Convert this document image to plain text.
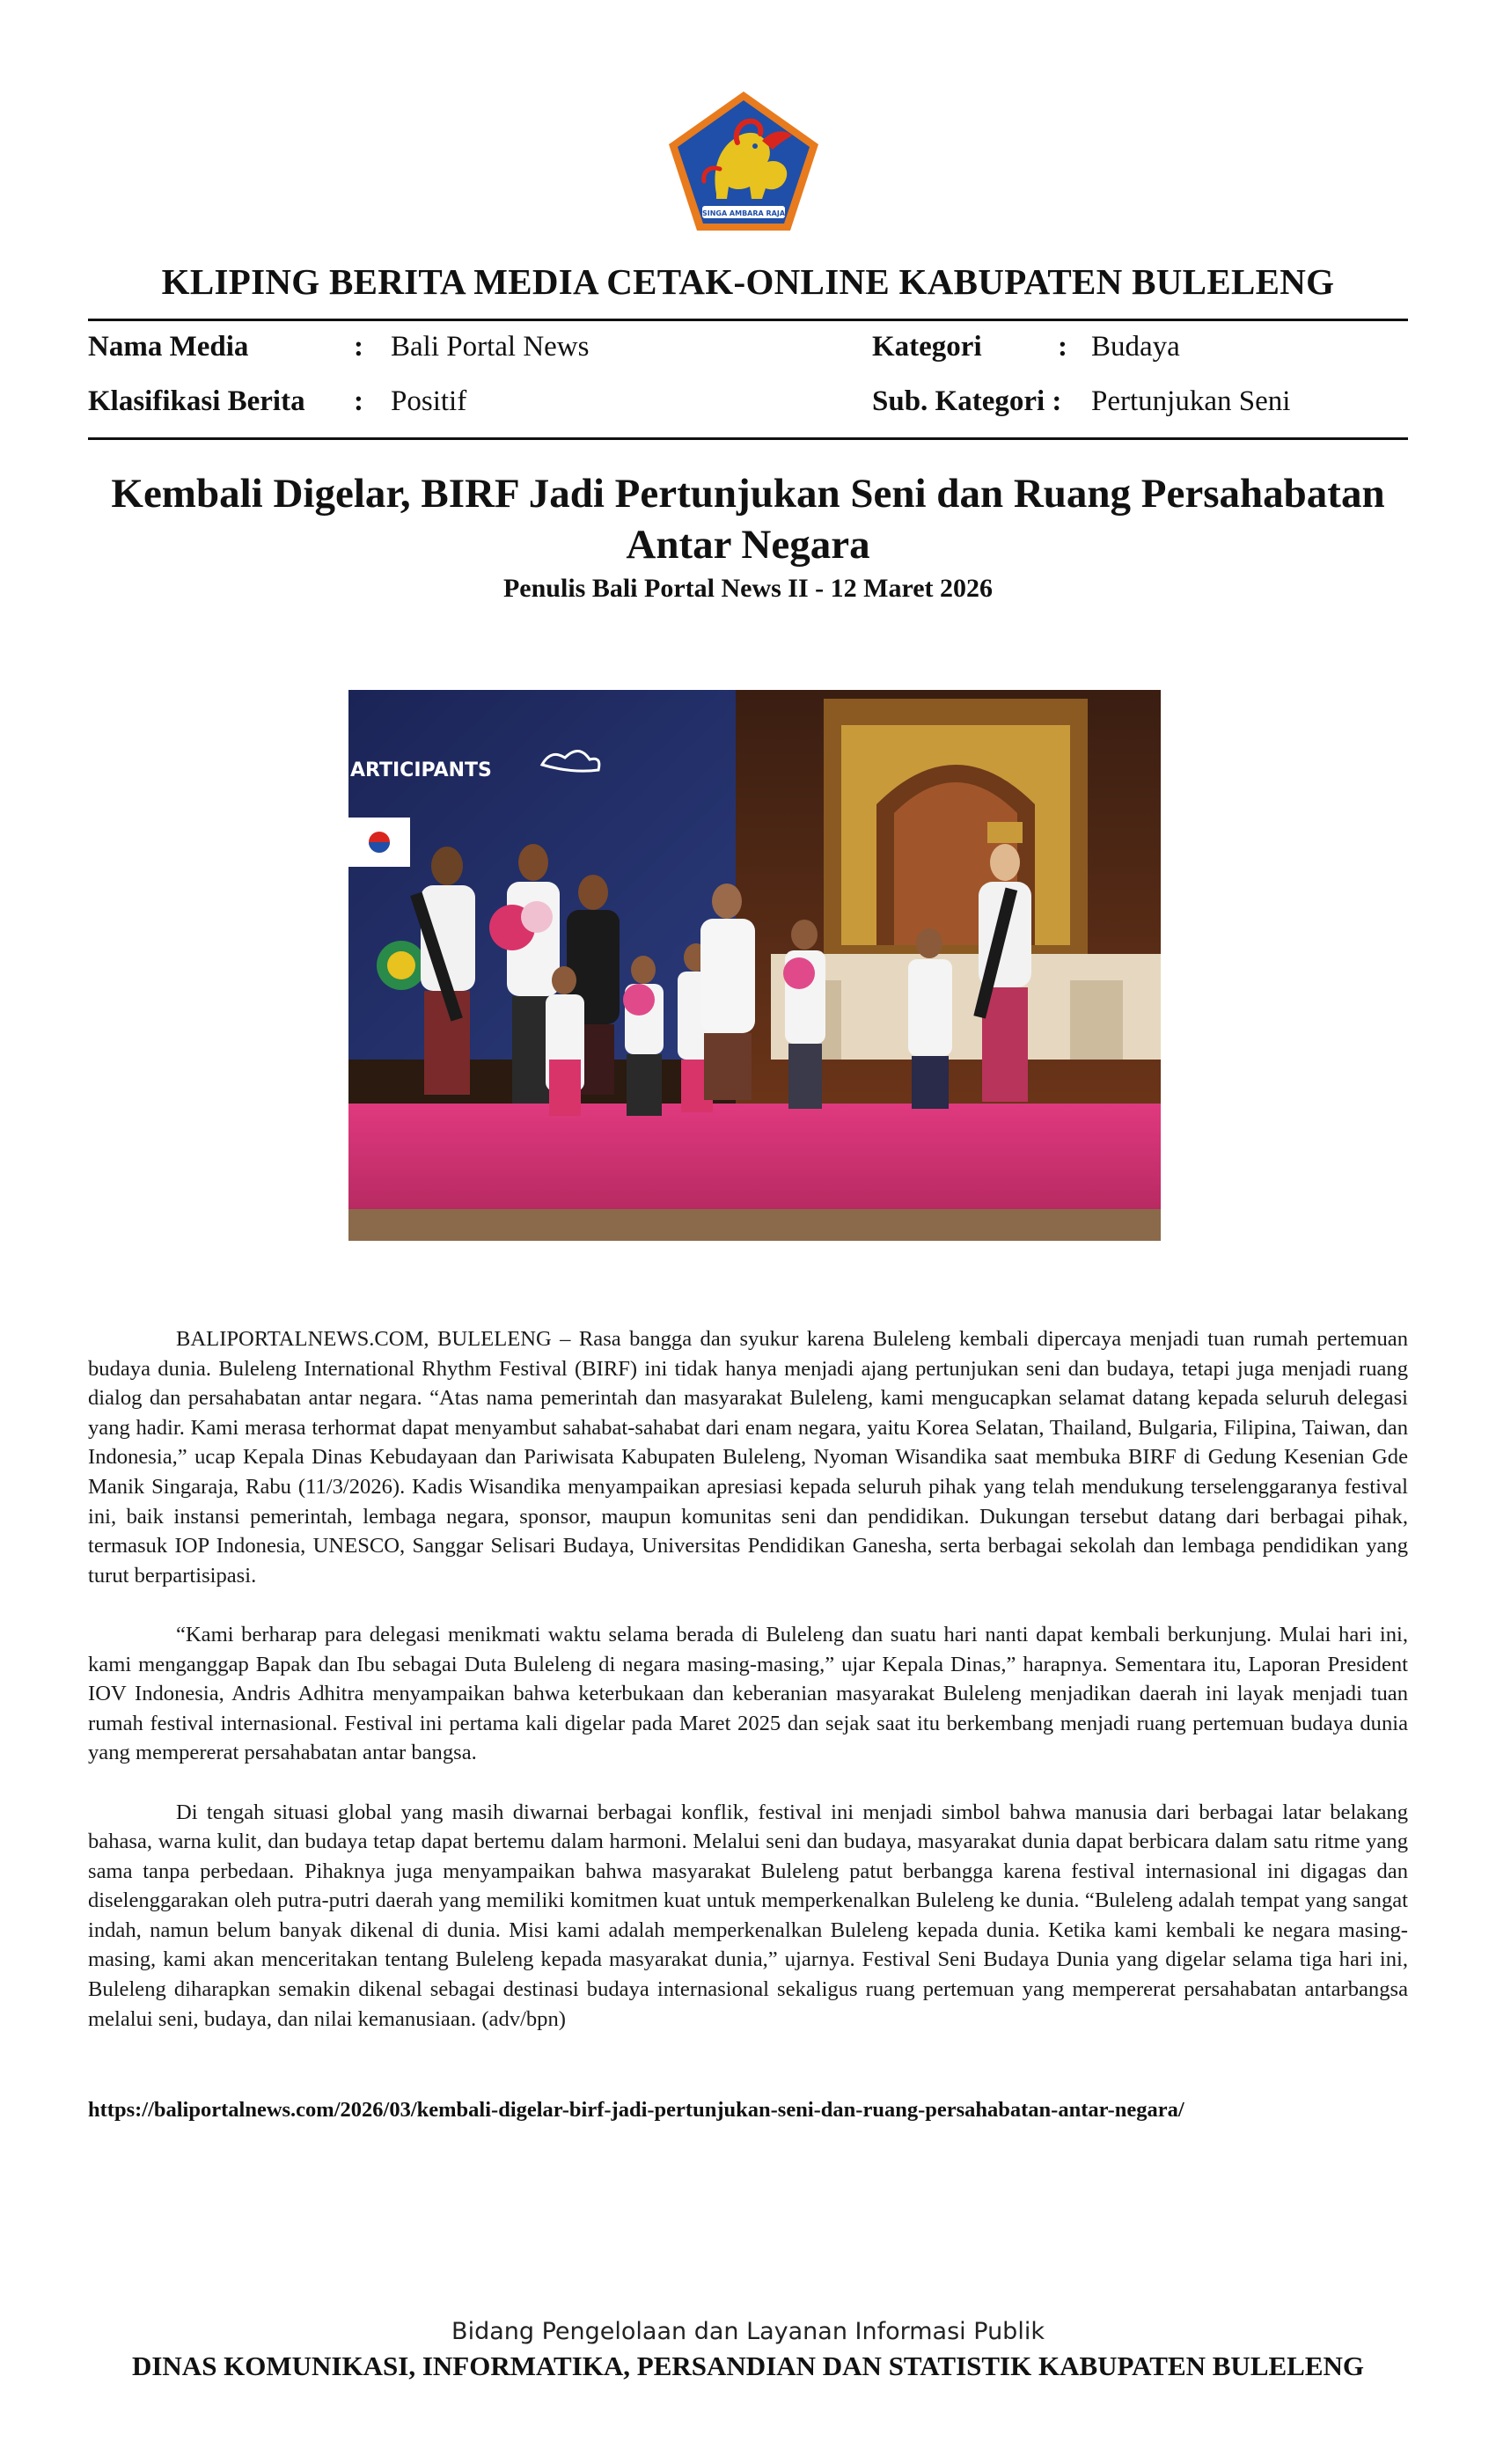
SINGA AMBARA RAJA
KLIPING BERITA MEDIA CETAK-ONLINE KABUPATEN BULELENG
Nama Media	: Bali Portal News	Kategori	: Budaya
Klasifikasi Berita : Positif	Sub. Kategori : Pertunjukan Seni
Kembali Digelar, BIRF Jadi Pertunjukan Seni dan Ruang Persahabatan Antar Negara
Penulis Bali Portal News II - 12 Maret 2026
ARTICIPANTS

BALIPORTALNEWS.COM, BULELENG – Rasa bangga dan syukur karena Buleleng kembali dipercaya menjadi tuan rumah pertemuan budaya dunia. Buleleng International Rhythm Festival (BIRF) ini tidak hanya menjadi ajang pertunjukan seni dan budaya, tetapi juga menjadi ruang dialog dan persahabatan antar negara. “Atas nama pemerintah dan masyarakat Buleleng, kami mengucapkan selamat datang kepada seluruh delegasi yang hadir. Kami merasa terhormat dapat menyambut sahabat-sahabat dari enam negara, yaitu Korea Selatan, Thailand, Bulgaria, Filipina, Taiwan, dan Indonesia,” ucap Kepala Dinas Kebudayaan dan Pariwisata Kabupaten Buleleng, Nyoman Wisandika saat membuka BIRF di Gedung Kesenian Gde Manik Singaraja, Rabu (11/3/2026). Kadis Wisandika menyampaikan apresiasi kepada seluruh pihak yang telah mendukung terselenggaranya festival ini, baik instansi pemerintah, lembaga negara, sponsor, maupun komunitas seni dan pendidikan. Dukungan tersebut datang dari berbagai pihak, termasuk IOP Indonesia, UNESCO, Sanggar Selisari Budaya, Universitas Pendidikan Ganesha, serta berbagai sekolah dan lembaga pendidikan yang turut berpartisipasi.

“Kami berharap para delegasi menikmati waktu selama berada di Buleleng dan suatu hari nanti dapat kembali berkunjung. Mulai hari ini, kami menganggap Bapak dan Ibu sebagai Duta Buleleng di negara masing-masing,” ujar Kepala Dinas,” harapnya. Sementara itu, Laporan President IOV Indonesia, Andris Adhitra menyampaikan bahwa keterbukaan dan keberanian masyarakat Buleleng menjadikan daerah ini layak menjadi tuan rumah festival internasional. Festival ini pertama kali digelar pada Maret 2025 dan sejak saat itu berkembang menjadi ruang pertemuan budaya dunia yang mempererat persahabatan antar bangsa.

Di tengah situasi global yang masih diwarnai berbagai konflik, festival ini menjadi simbol bahwa manusia dari berbagai latar belakang bahasa, warna kulit, dan budaya tetap dapat bertemu dalam harmoni. Melalui seni dan budaya, masyarakat dunia dapat berbicara dalam satu ritme yang sama tanpa perbedaan. Pihaknya juga menyampaikan bahwa masyarakat Buleleng patut berbangga karena festival internasional ini digagas dan diselenggarakan oleh putra-putri daerah yang memiliki komitmen kuat untuk memperkenalkan Buleleng ke dunia. “Buleleng adalah tempat yang sangat indah, namun belum banyak dikenal di dunia. Misi kami adalah memperkenalkan Buleleng kepada dunia. Ketika kami kembali ke negara masing-masing, kami akan menceritakan tentang Buleleng kepada masyarakat dunia,” ujarnya. Festival Seni Budaya Dunia yang digelar selama tiga hari ini, Buleleng diharapkan semakin dikenal sebagai destinasi budaya internasional sekaligus ruang pertemuan yang mempererat persahabatan antarbangsa melalui seni, budaya, dan nilai kemanusiaan. (adv/bpn)

https://baliportalnews.com/2026/03/kembali-digelar-birf-jadi-pertunjukan-seni-dan-ruang-persahabatan-antar-negara/
Bidang Pengelolaan dan Layanan Informasi Publik
DINAS KOMUNIKASI, INFORMATIKA, PERSANDIAN DAN STATISTIK KABUPATEN BULELENG
